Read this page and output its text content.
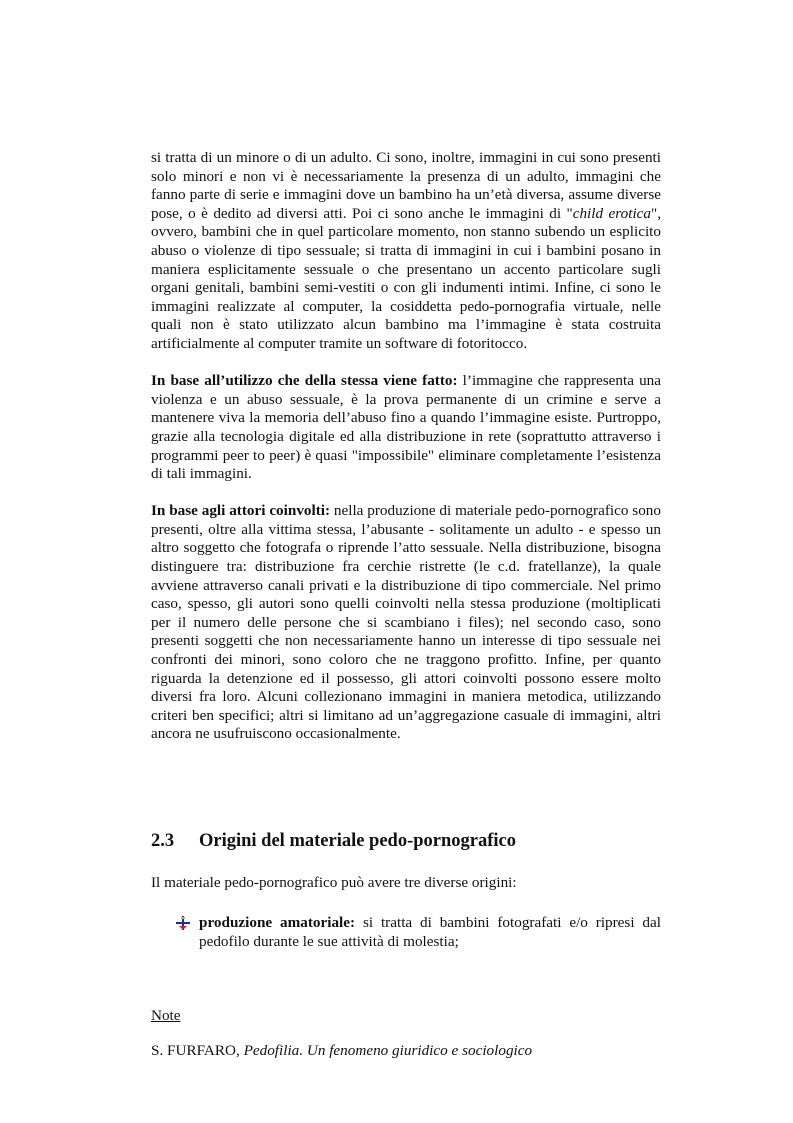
si tratta di un minore o di un adulto. Ci sono, inoltre, immagini in cui sono presenti solo minori e non vi è necessariamente la presenza di un adulto, immagini che fanno parte di serie e immagini dove un bambino ha un’età diversa, assume diverse pose, o è dedito ad diversi atti. Poi ci sono anche le immagini di "child erotica", ovvero, bambini che in quel particolare momento, non stanno subendo un esplicito abuso o violenze di tipo sessuale; si tratta di immagini in cui i bambini posano in maniera esplicitamente sessuale o che presentano un accento particolare sugli organi genitali, bambini semi-vestiti o con gli indumenti intimi. Infine, ci sono le immagini realizzate al computer, la cosiddetta pedo-pornografia virtuale, nelle quali non è stato utilizzato alcun bambino ma l’immagine è stata costruita artificialmente al computer tramite un software di fotoritocco.

In base all’utilizzo che della stessa viene fatto: l’immagine che rappresenta una violenza e un abuso sessuale, è la prova permanente di un crimine e serve a mantenere viva la memoria dell’abuso fino a quando l’immagine esiste. Purtroppo, grazie alla tecnologia digitale ed alla distribuzione in rete (soprattutto attraverso i programmi peer to peer) è quasi "impossibile" eliminare completamente l’esistenza di tali immagini.

In base agli attori coinvolti: nella produzione di materiale pedo-pornografico sono presenti, oltre alla vittima stessa, l’abusante - solitamente un adulto - e spesso un altro soggetto che fotografa o riprende l’atto sessuale. Nella distribuzione, bisogna distinguere tra: distribuzione fra cerchie ristrette (le c.d. fratellanze), la quale avviene attraverso canali privati e la distribuzione di tipo commerciale. Nel primo caso, spesso, gli autori sono quelli coinvolti nella stessa produzione (moltiplicati per il numero delle persone che si scambiano i files); nel secondo caso, sono presenti soggetti che non necessariamente hanno un interesse di tipo sessuale nei confronti dei minori, sono coloro che ne traggono profitto. Infine, per quanto riguarda la detenzione ed il possesso, gli attori coinvolti possono essere molto diversi fra loro. Alcuni collezionano immagini in maniera metodica, utilizzando criteri ben specifici; altri si limitano ad un’aggregazione casuale di immagini, altri ancora ne usufruiscono occasionalmente.

2.3 Origini del materiale pedo-pornografico

Il materiale pedo-pornografico può avere tre diverse origini:

produzione amatoriale: si tratta di bambini fotografati e/o ripresi dal pedofilo durante le sue attività di molestia;

Note

S. FURFARO, Pedofilia. Un fenomeno giuridico e sociologico
